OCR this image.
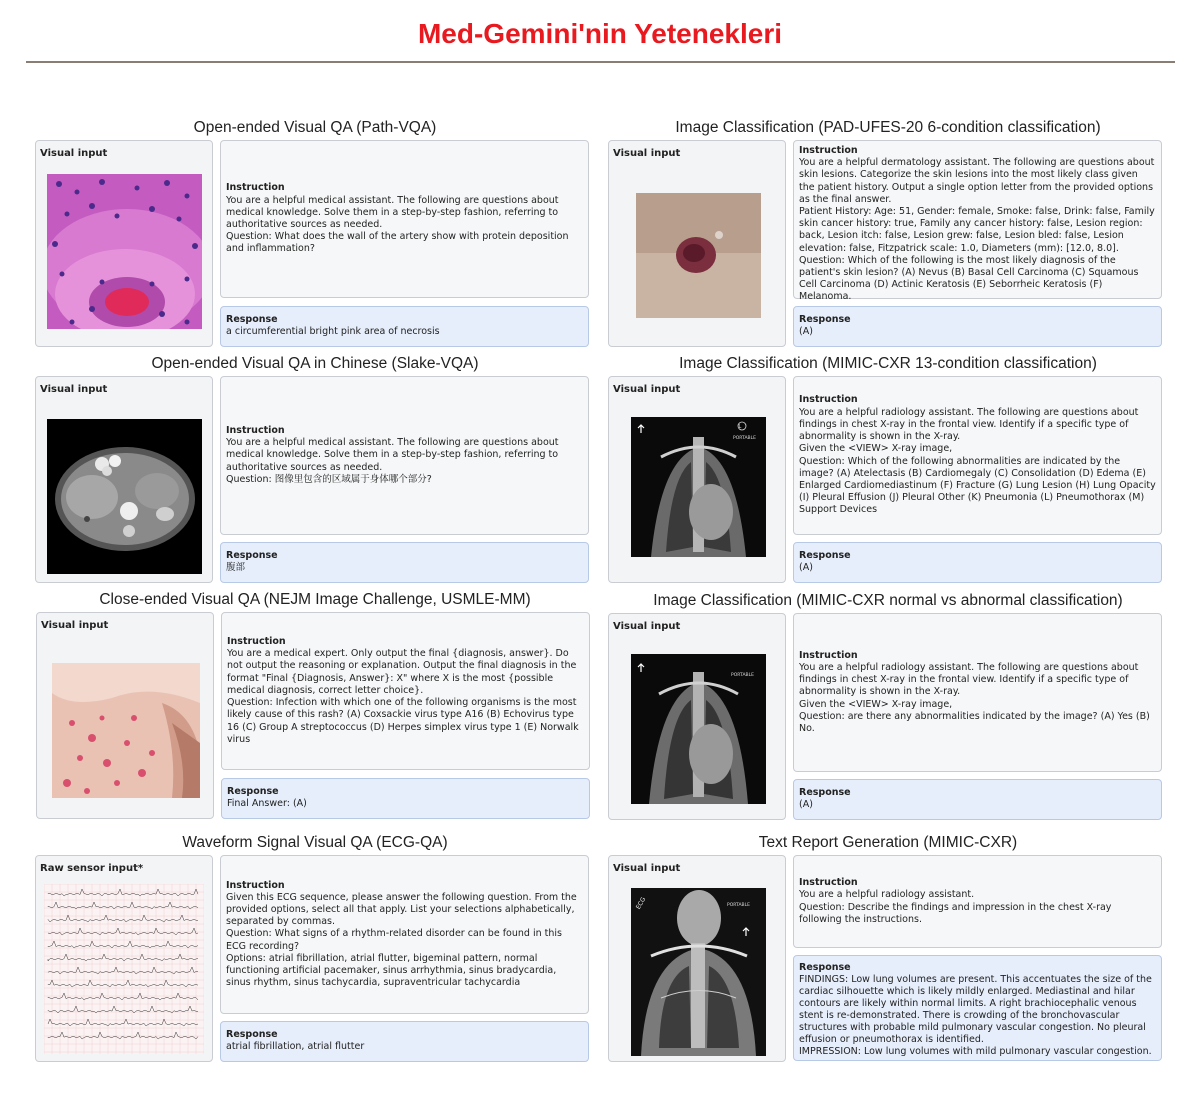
Med-Gemini'nin Yetenekleri
Open-ended Visual QA (Path-VQA)
Visual input
Instruction
You are a helpful medical assistant. The following are questions about medical knowledge. Solve them in a step-by-step fashion, referring to authoritative sources as needed.
Question: What does the wall of the artery show with protein deposition and inflammation?
Response
a circumferential bright pink area of necrosis
Image Classification (PAD-UFES-20 6-condition classification)
Visual input	Instruction
You are a helpful dermatology assistant. The following are questions about skin lesions. Categorize the skin lesions into the most likely class given the patient history. Output a single option letter from the provided options as the final answer.
Patient History: Age: 51, Gender: female, Smoke: false, Drink: false, Family skin cancer history: true, Family any cancer history: false, Lesion region: back, Lesion itch: false, Lesion grew: false, Lesion bled: false, Lesion elevation: false, Fitzpatrick scale: 1.0, Diameters (mm): [12.0, 8.0].
Question: Which of the following is the most likely diagnosis of the patient's skin lesion? (A) Nevus (B) Basal Cell Carcinoma (C) Squamous Cell Carcinoma (D) Actinic Keratosis (E) Seborrheic Keratosis (F) Melanoma.
Response
(A)
Open-ended Visual QA in Chinese (Slake-VQA)
Visual input
Instruction
You are a helpful medical assistant. The following are questions about medical knowledge. Solve them in a step-by-step fashion, referring to authoritative sources as needed.
Question: 图像里包含的区域属于身体哪个部分?
Response
腹部
Image Classification (MIMIC-CXR 13-condition classification)
Visual input
L
PORTABLE
Instruction
You are a helpful radiology assistant. The following are questions about findings in chest X-ray in the frontal view. Identify if a specific type of abnormality is shown in the X-ray.
Given the <VIEW> X-ray image,
Question: Which of the following abnormalities are indicated by the image? (A) Atelectasis (B) Cardiomegaly (C) Consolidation (D) Edema (E) Enlarged Cardiomediastinum (F) Fracture (G) Lung Lesion (H) Lung Opacity (I) Pleural Effusion (J) Pleural Other (K) Pneumonia (L) Pneumothorax (M) Support Devices
Response
(A)
Close-ended Visual QA (NEJM Image Challenge, USMLE-MM)
Visual input
Instruction
You are a medical expert. Only output the final {diagnosis, answer}. Do not output the reasoning or explanation. Output the final diagnosis in the format "Final {Diagnosis, Answer}: X" where X is the most {possible medical diagnosis, correct letter choice}.
Question: Infection with which one of the following organisms is the most likely cause of this rash? (A) Coxsackie virus type A16 (B) Echovirus type 16 (C) Group A streptococcus (D) Herpes simplex virus type 1 (E) Norwalk virus
Response
Final Answer: (A)
Image Classification (MIMIC-CXR normal vs abnormal classification)
Visual input
PORTABLE
Instruction
You are a helpful radiology assistant. The following are questions about findings in chest X-ray in the frontal view. Identify if a specific type of abnormality is shown in the X-ray.
Given the <VIEW> X-ray image,
Question: are there any abnormalities indicated by the image? (A) Yes (B) No.
Response
(A)
Waveform Signal Visual QA (ECG-QA)
Raw sensor input*
Instruction
Given this ECG sequence, please answer the following question. From the provided options, select all that apply. List your selections alphabetically, separated by commas.
Question: What signs of a rhythm-related disorder can be found in this ECG recording?
Options: atrial fibrillation, atrial flutter, bigeminal pattern, normal functioning artificial pacemaker, sinus arrhythmia, sinus bradycardia, sinus rhythm, sinus tachycardia, supraventricular tachycardia
Response
atrial fibrillation, atrial flutter
Text Report Generation (MIMIC-CXR)
Visual input
ECG	PORTABLE
Instruction
You are a helpful radiology assistant.
Question: Describe the findings and impression in the chest X-ray following the instructions.
Response
FINDINGS: Low lung volumes are present. This accentuates the size of the cardiac silhouette which is likely mildly enlarged. Mediastinal and hilar contours are likely within normal limits. A right brachiocephalic venous stent is re-demonstrated. There is crowding of the bronchovascular structures with probable mild pulmonary vascular congestion. No pleural effusion or pneumothorax is identified.
IMPRESSION: Low lung volumes with mild pulmonary vascular congestion.
